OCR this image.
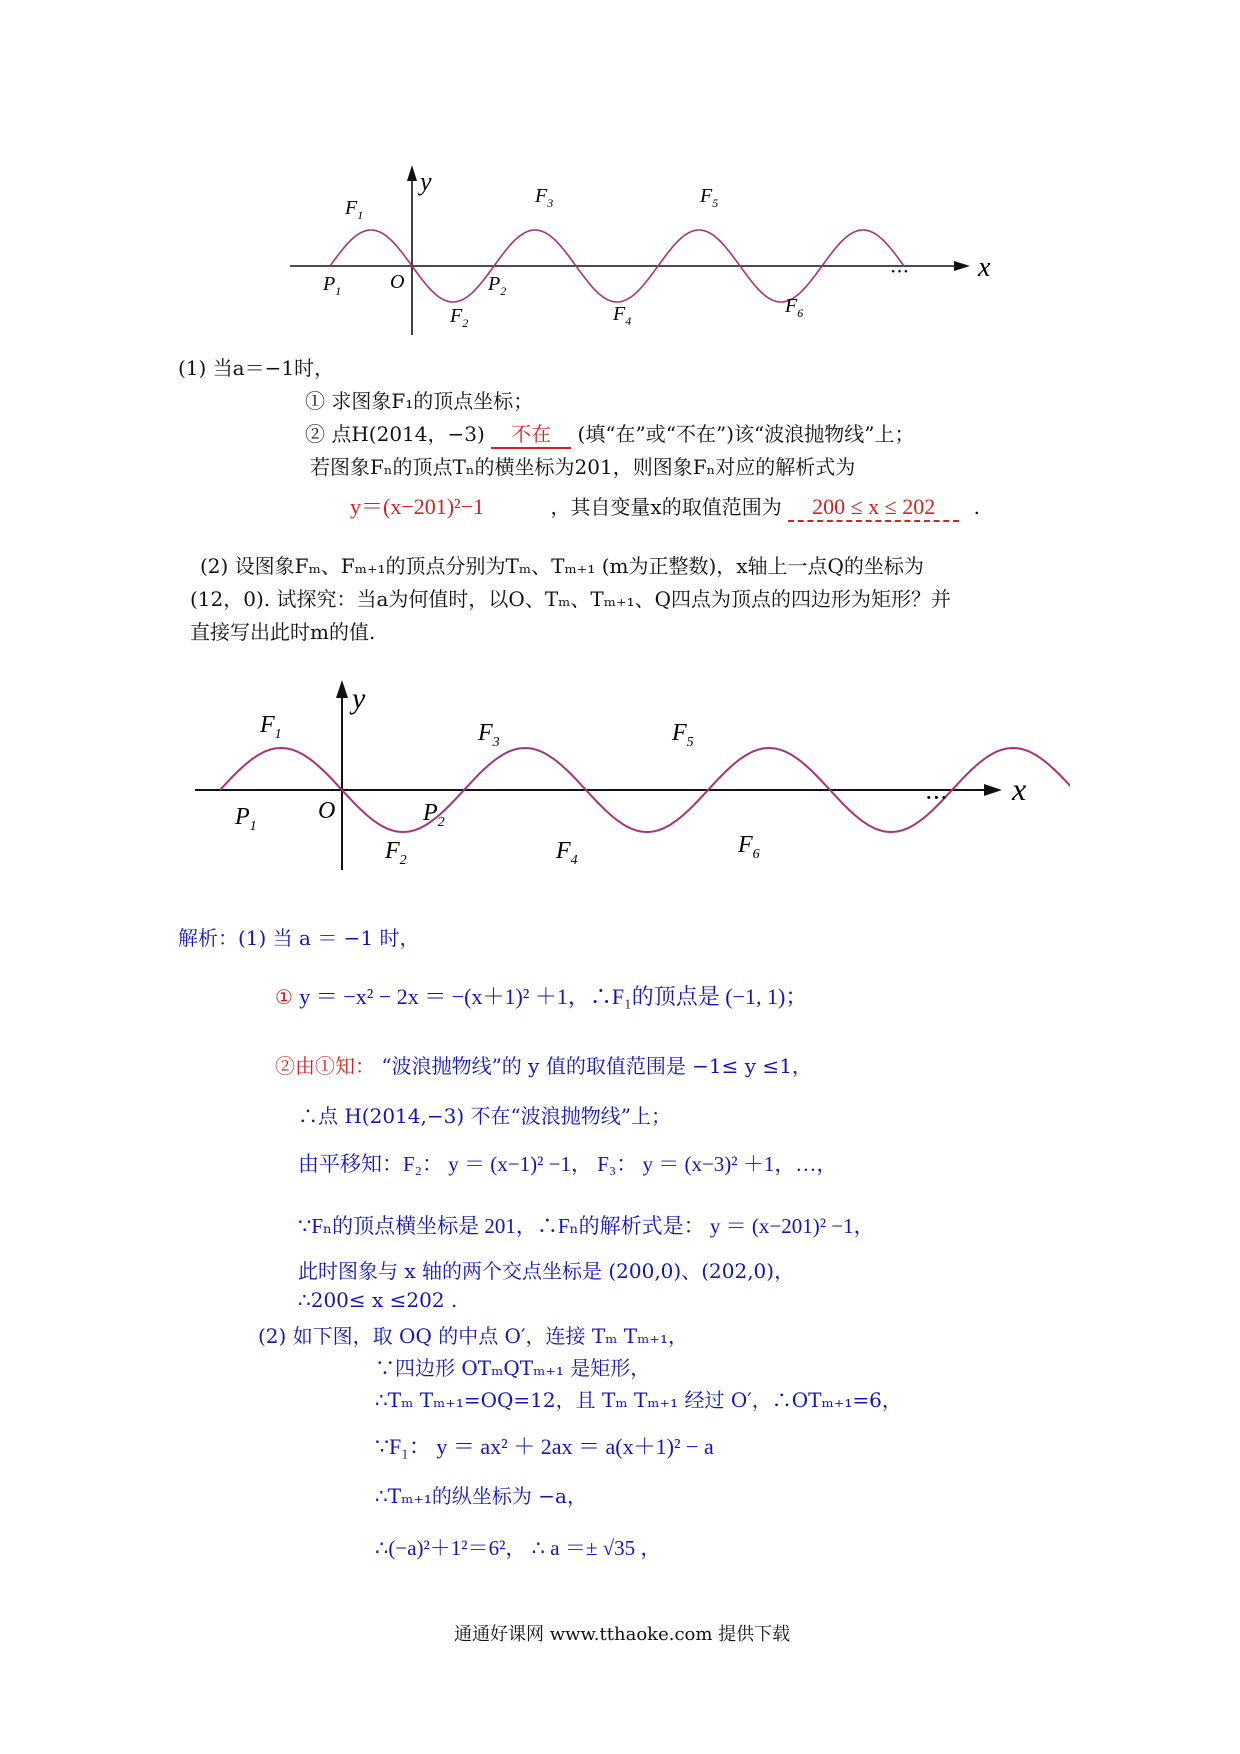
y
x
O	···
$F_1$
$F_3$	$F_5$
$F_2$	$F_4$
$F_6$
$P_1$	$P_2$
(1) 当a＝−1时，
① 求图象F₁的顶点坐标；
② 点H(2014，−3) 不在 (填“在”或“不在”)该“波浪抛物线”上；
若图象Fₙ的顶点Tₙ的横坐标为201，则图象Fₙ对应的解析式为
y＝(x−201)²−1	，其自变量x的取值范围为 200 ≤ x ≤ 202 .
(2) 设图象Fₘ、Fₘ₊₁的顶点分别为Tₘ、Tₘ₊₁ (m为正整数)，x轴上一点Q的坐标为
(12，0). 试探究：当a为何值时，以O、Tₘ、Tₘ₊₁、Q四点为顶点的四边形为矩形？并
直接写出此时m的值.
y
x
O	···
$F_1$	$F_3$	$F_5$
$F_2$	$F_4$
$F_6$
$P_1$
$P_2$
解析：(1) 当 a ＝ −1 时，
① y ＝ −x² − 2x ＝ −(x＋1)² ＋1，∴F₁的顶点是 (−1, 1)；
②由①知： “波浪抛物线”的 y 值的取值范围是 −1≤ y ≤1，
∴点 H(2014,−3) 不在“波浪抛物线”上；
由平移知：F₂： y ＝ (x−1)² −1， F₃： y ＝ (x−3)² ＋1，…，
∵Fₙ的顶点横坐标是 201，∴Fₙ的解析式是： y ＝ (x−201)² −1，
此时图象与 x 轴的两个交点坐标是 (200,0)、(202,0)，
∴200≤ x ≤202 .
(2) 如下图，取 OQ 的中点 O′，连接 Tₘ Tₘ₊₁，
∵四边形 OTₘQTₘ₊₁ 是矩形，
∴Tₘ Tₘ₊₁=OQ=12，且 Tₘ Tₘ₊₁ 经过 O′，∴OTₘ₊₁=6，
∵F₁： y ＝ ax² ＋ 2ax ＝ a(x＋1)² − a
∴Tₘ₊₁的纵坐标为 −a，
∴(−a)²＋1²＝6²， ∴ a ＝± √35 ，
通通好课网 www.tthaoke.com 提供下载
